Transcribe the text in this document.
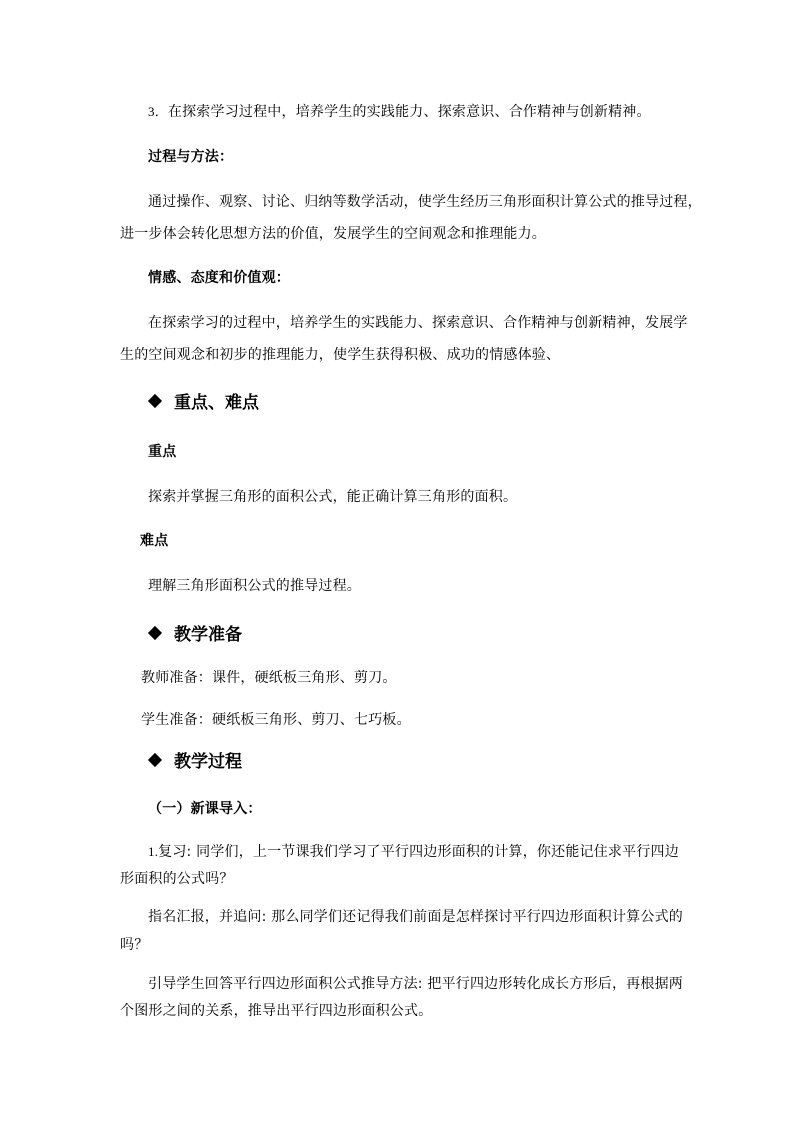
3．在探索学习过程中，培养学生的实践能力、探索意识、合作精神与创新精神。
过程与方法：
通过操作、观察、讨论、归纳等数学活动，使学生经历三角形面积计算公式的推导过程，
进一步体会转化思想方法的价值，发展学生的空间观念和推理能力。
情感、态度和价值观：
在探索学习的过程中，培养学生的实践能力、探索意识、合作精神与创新精神，发展学
生的空间观念和初步的推理能力，使学生获得积极、成功的情感体验、
重点、难点
重点
探索并掌握三角形的面积公式，能正确计算三角形的面积。
难点
理解三角形面积公式的推导过程。
教学准备
教师准备：课件，硬纸板三角形、剪刀。
学生准备：硬纸板三角形、剪刀、七巧板。
教学过程
（一）新课导入：
1.复习: 同学们，上一节课我们学习了平行四边形面积的计算，你还能记住求平行四边
形面积的公式吗？
指名汇报，并追问: 那么同学们还记得我们前面是怎样探讨平行四边形面积计算公式的
吗？
引导学生回答平行四边形面积公式推导方法: 把平行四边形转化成长方形后，再根据两
个图形之间的关系，推导出平行四边形面积公式。
